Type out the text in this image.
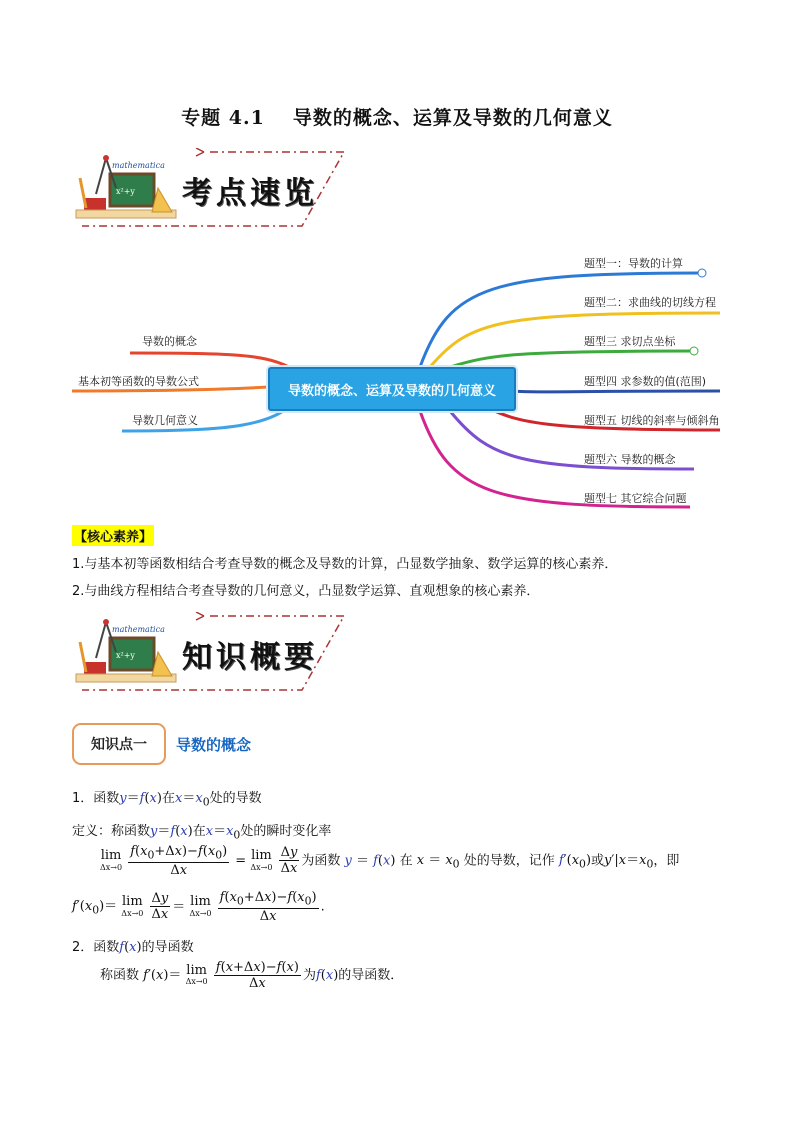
专题 4.1 导数的概念、运算及导数的几何意义
x²+y
mathematica
考点速览
导数的概念、运算及导数的几何意义
导数的概念
基本初等函数的导数公式
导数几何意义
题型一：导数的计算
题型二：求曲线的切线方程
题型三 求切点坐标
题型四 求参数的值(范围)
题型五 切线的斜率与倾斜角
题型六 导数的概念
题型七 其它综合问题
【核心素养】
1.与基本初等函数相结合考查导数的概念及导数的计算，凸显数学抽象、数学运算的核心素养．
2.与曲线方程相结合考查导数的几何意义，凸显数学运算、直观想象的核心素养．
x²+y
mathematica
知识概要
知识点一	导数的概念
1．函数y＝f(x)在$x=x_0$处的导数
定义：称函数y＝f(x)在$x=x_0$处的瞬时变化率
lim
Δx→0
$\frac{f(x_0+\Delta x)-f(x_0)}{\Delta x} = \lim$
Δx→0
$\frac{\Delta y}{\Delta x}$ 为函数 y ＝ f(x) 在 $x = x_0$ 处的导数，记作 $f'(x_0)$或$y'|x=x_0$，即
$f'(x_0)= \lim$
Δx→0
$\frac{\Delta y}{\Delta x} = \lim$
Δx→0
$\frac{f(x_0+\Delta x)-f(x_0)}{\Delta x}$ .
2．函数f(x)的导函数
称函数 f′(x)＝ lim
Δx→0
$\frac{f(x+\Delta x)-f(x)}{\Delta x}$ 为f(x)的导函数．
